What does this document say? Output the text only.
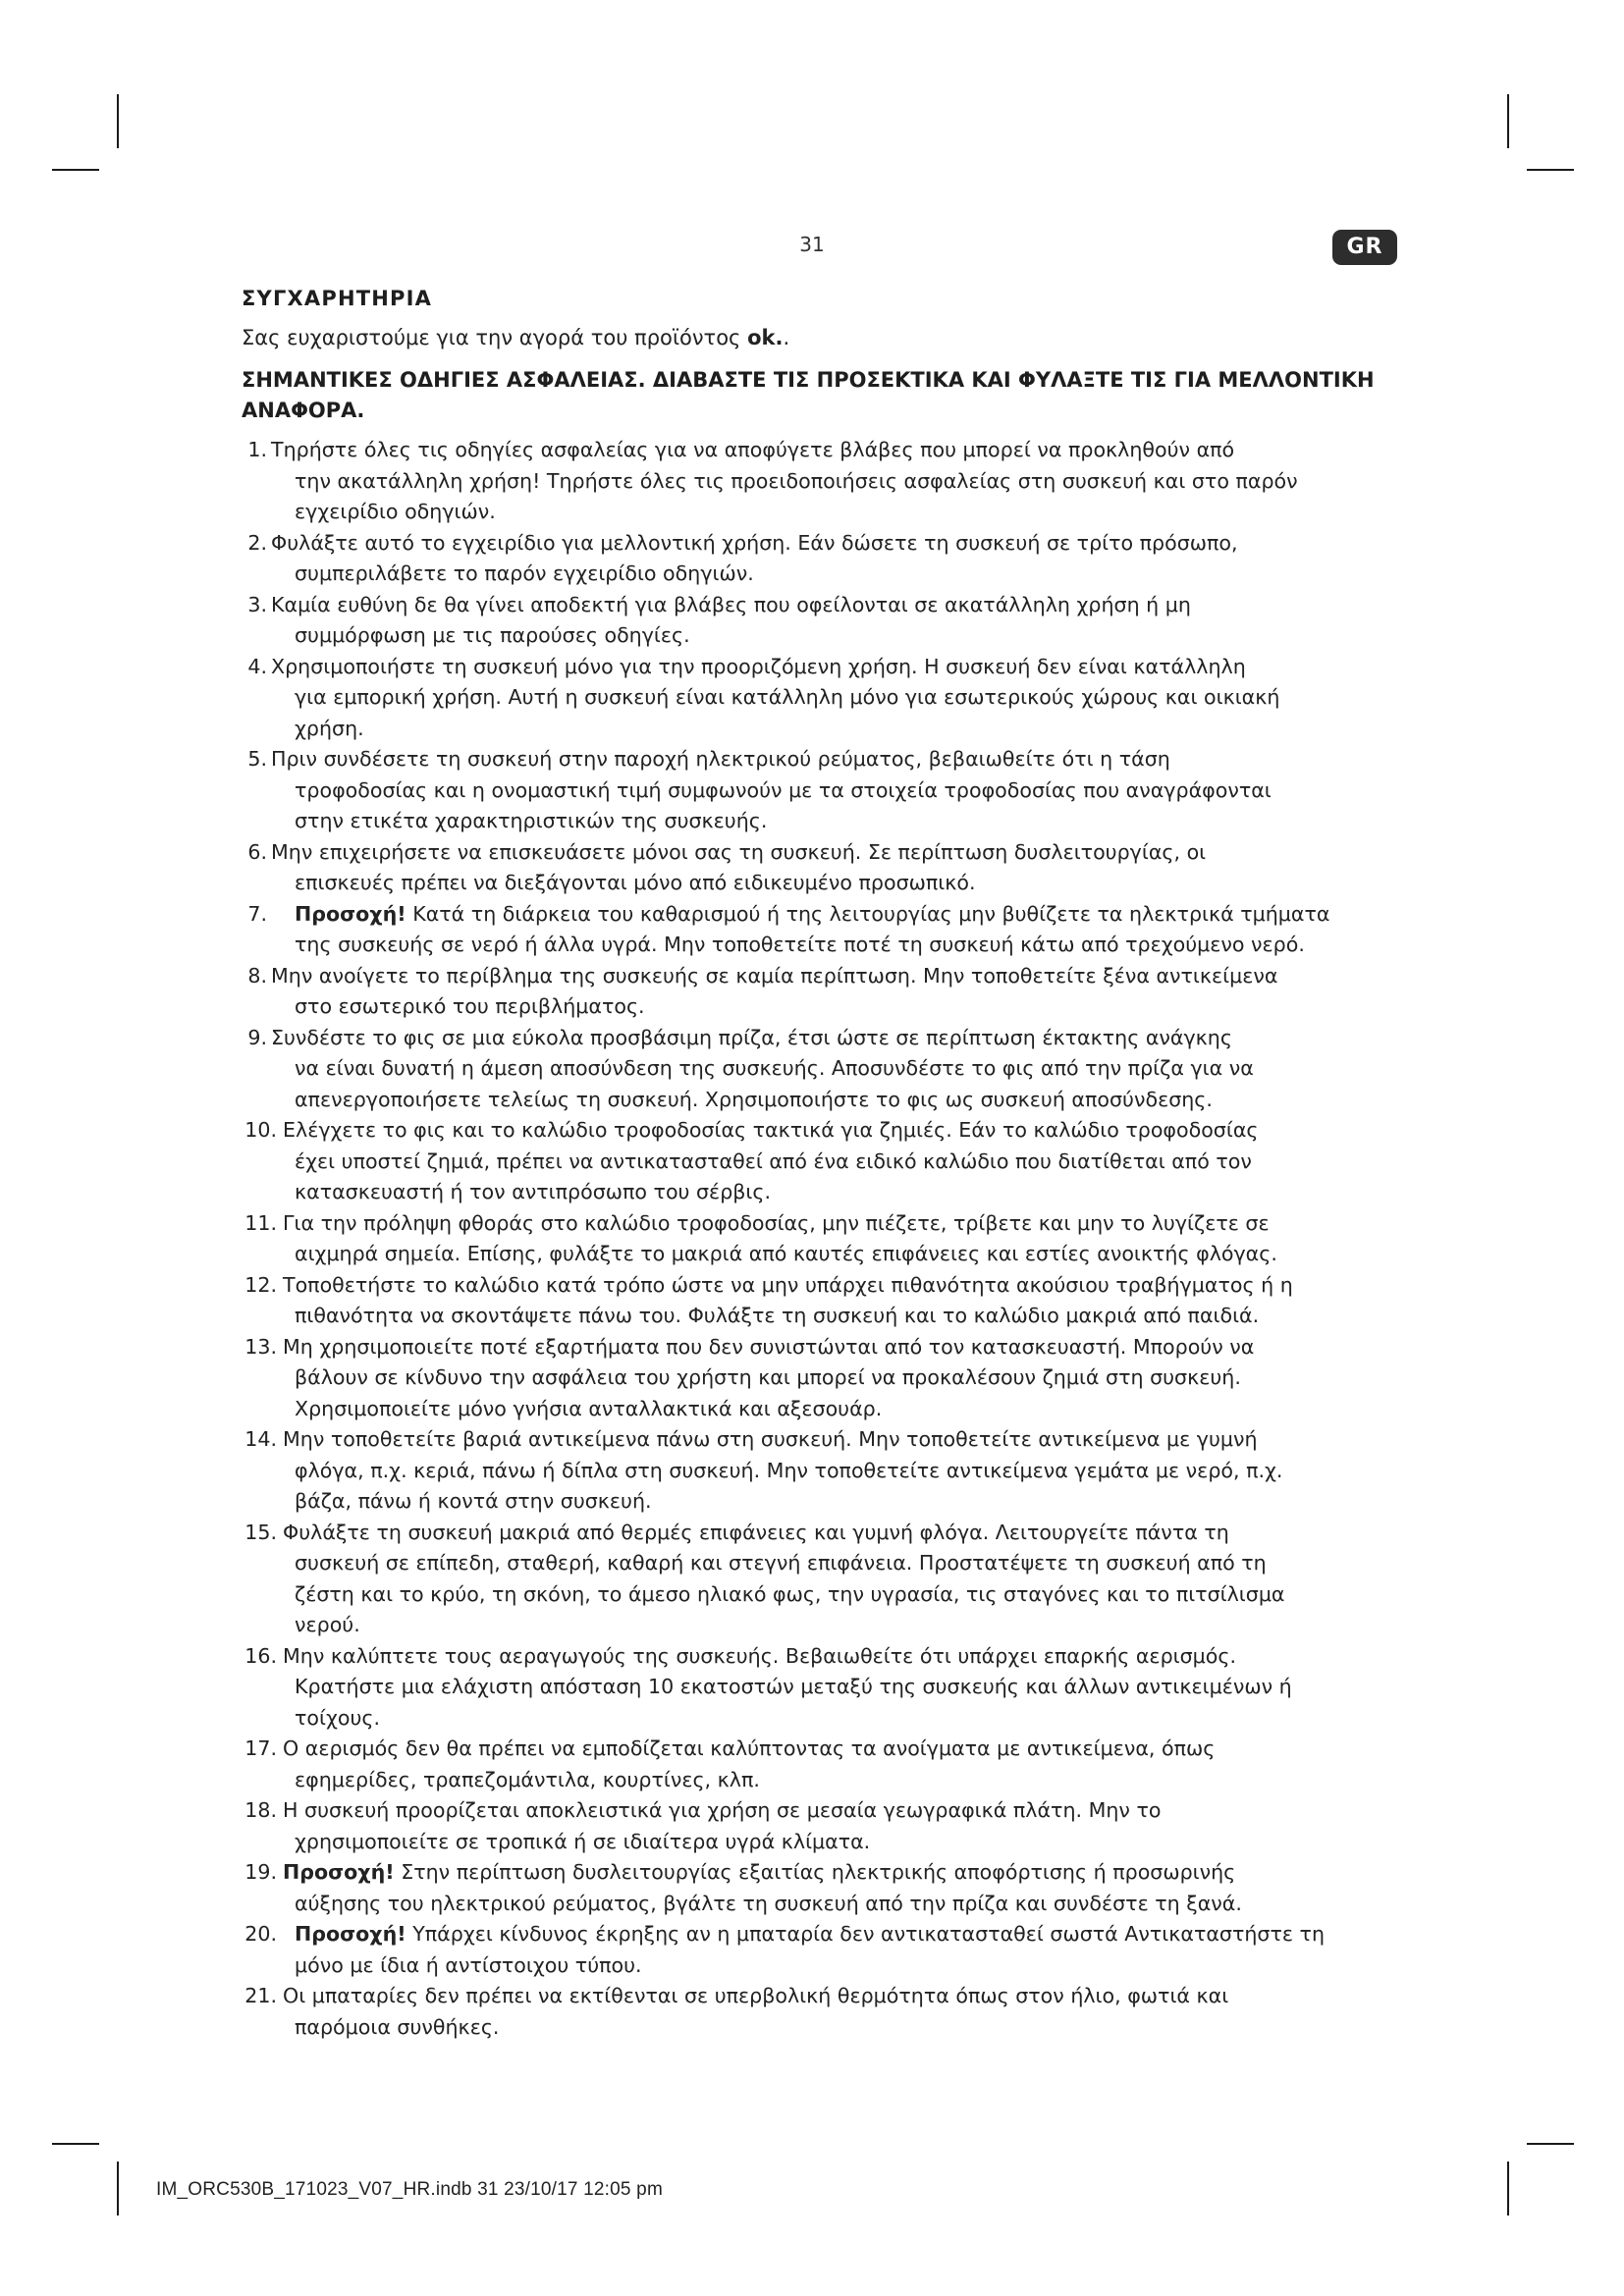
31	GR

ΣΥΓΧΑΡΗΤΗΡΙΑ

Σας ευχαριστούμε για την αγορά του προϊόντος ok..

ΣΗΜΑΝΤΙΚΕΣ ΟΔΗΓΙΕΣ ΑΣΦΑΛΕΙΑΣ. ΔΙΑΒΑΣΤΕ ΤΙΣ ΠΡΟΣΕΚΤΙΚΑ ΚΑΙ ΦΥΛΑΞΤΕ ΤΙΣ ΓΙΑ ΜΕΛΛΟΝΤΙΚΗ ΑΝΑΦΟΡΑ.

1. Τηρήστε όλες τις οδηγίες ασφαλείας για να αποφύγετε βλάβες που μπορεί να προκληθούν από
την ακατάλληλη χρήση! Τηρήστε όλες τις προειδοποιήσεις ασφαλείας στη συσκευή και στο παρόν
εγχειρίδιο οδηγιών.
2. Φυλάξτε αυτό το εγχειρίδιο για μελλοντική χρήση. Εάν δώσετε τη συσκευή σε τρίτο πρόσωπο,
συμπεριλάβετε το παρόν εγχειρίδιο οδηγιών.
3. Καμία ευθύνη δε θα γίνει αποδεκτή για βλάβες που οφείλονται σε ακατάλληλη χρήση ή μη
συμμόρφωση με τις παρούσες οδηγίες.
4. Χρησιμοποιήστε τη συσκευή μόνο για την προοριζόμενη χρήση. Η συσκευή δεν είναι κατάλληλη
για εμπορική χρήση. Αυτή η συσκευή είναι κατάλληλη μόνο για εσωτερικούς χώρους και οικιακή
χρήση.
5. Πριν συνδέσετε τη συσκευή στην παροχή ηλεκτρικού ρεύματος, βεβαιωθείτε ότι η τάση
τροφοδοσίας και η ονομαστική τιμή συμφωνούν με τα στοιχεία τροφοδοσίας που αναγράφονται
στην ετικέτα χαρακτηριστικών της συσκευής.
6. Μην επιχειρήσετε να επισκευάσετε μόνοι σας τη συσκευή. Σε περίπτωση δυσλειτουργίας, οι
επισκευές πρέπει να διεξάγονται μόνο από ειδικευμένο προσωπικό.
7. Προσοχή! Κατά τη διάρκεια του καθαρισμού ή της λειτουργίας μην βυθίζετε τα ηλεκτρικά τμήματα
της συσκευής σε νερό ή άλλα υγρά. Μην τοποθετείτε ποτέ τη συσκευή κάτω από τρεχούμενο νερό.
8. Μην ανοίγετε το περίβλημα της συσκευής σε καμία περίπτωση. Μην τοποθετείτε ξένα αντικείμενα
στο εσωτερικό του περιβλήματος.
9. Συνδέστε το φις σε μια εύκολα προσβάσιμη πρίζα, έτσι ώστε σε περίπτωση έκτακτης ανάγκης
να είναι δυνατή η άμεση αποσύνδεση της συσκευής. Αποσυνδέστε το φις από την πρίζα για να
απενεργοποιήσετε τελείως τη συσκευή. Χρησιμοποιήστε το φις ως συσκευή αποσύνδεσης.
10. Ελέγχετε το φις και το καλώδιο τροφοδοσίας τακτικά για ζημιές. Εάν το καλώδιο τροφοδοσίας
έχει υποστεί ζημιά, πρέπει να αντικατασταθεί από ένα ειδικό καλώδιο που διατίθεται από τον
κατασκευαστή ή τον αντιπρόσωπο του σέρβις.
11. Για την πρόληψη φθοράς στο καλώδιο τροφοδοσίας, μην πιέζετε, τρίβετε και μην το λυγίζετε σε
αιχμηρά σημεία. Επίσης, φυλάξτε το μακριά από καυτές επιφάνειες και εστίες ανοικτής φλόγας.
12. Τοποθετήστε το καλώδιο κατά τρόπο ώστε να μην υπάρχει πιθανότητα ακούσιου τραβήγματος ή η
πιθανότητα να σκοντάψετε πάνω του. Φυλάξτε τη συσκευή και το καλώδιο μακριά από παιδιά.
13. Μη χρησιμοποιείτε ποτέ εξαρτήματα που δεν συνιστώνται από τον κατασκευαστή. Μπορούν να
βάλουν σε κίνδυνο την ασφάλεια του χρήστη και μπορεί να προκαλέσουν ζημιά στη συσκευή.
Χρησιμοποιείτε μόνο γνήσια ανταλλακτικά και αξεσουάρ.
14. Μην τοποθετείτε βαριά αντικείμενα πάνω στη συσκευή. Μην τοποθετείτε αντικείμενα με γυμνή
φλόγα, π.χ. κεριά, πάνω ή δίπλα στη συσκευή. Μην τοποθετείτε αντικείμενα γεμάτα με νερό, π.χ.
βάζα, πάνω ή κοντά στην συσκευή.
15. Φυλάξτε τη συσκευή μακριά από θερμές επιφάνειες και γυμνή φλόγα. Λειτουργείτε πάντα τη
συσκευή σε επίπεδη, σταθερή, καθαρή και στεγνή επιφάνεια. Προστατέψετε τη συσκευή από τη
ζέστη και το κρύο, τη σκόνη, το άμεσο ηλιακό φως, την υγρασία, τις σταγόνες και το πιτσίλισμα
νερού.
16. Μην καλύπτετε τους αεραγωγούς της συσκευής. Βεβαιωθείτε ότι υπάρχει επαρκής αερισμός.
Κρατήστε μια ελάχιστη απόσταση 10 εκατοστών μεταξύ της συσκευής και άλλων αντικειμένων ή
τοίχους.
17. Ο αερισμός δεν θα πρέπει να εμποδίζεται καλύπτοντας τα ανοίγματα με αντικείμενα, όπως
εφημερίδες, τραπεζομάντιλα, κουρτίνες, κλπ.
18. Η συσκευή προορίζεται αποκλειστικά για χρήση σε μεσαία γεωγραφικά πλάτη. Μην το
χρησιμοποιείτε σε τροπικά ή σε ιδιαίτερα υγρά κλίματα.
19. Προσοχή! Στην περίπτωση δυσλειτουργίας εξαιτίας ηλεκτρικής αποφόρτισης ή προσωρινής
αύξησης του ηλεκτρικού ρεύματος, βγάλτε τη συσκευή από την πρίζα και συνδέστε τη ξανά.
20. Προσοχή! Υπάρχει κίνδυνος έκρηξης αν η μπαταρία δεν αντικατασταθεί σωστά Αντικαταστήστε τη
μόνο με ίδια ή αντίστοιχου τύπου.
21. Οι μπαταρίες δεν πρέπει να εκτίθενται σε υπερβολική θερμότητα όπως στον ήλιο, φωτιά και
παρόμοια συνθήκες.
IM_ORC530B_171023_V07_HR.indb 31 23/10/17 12:05 pm
